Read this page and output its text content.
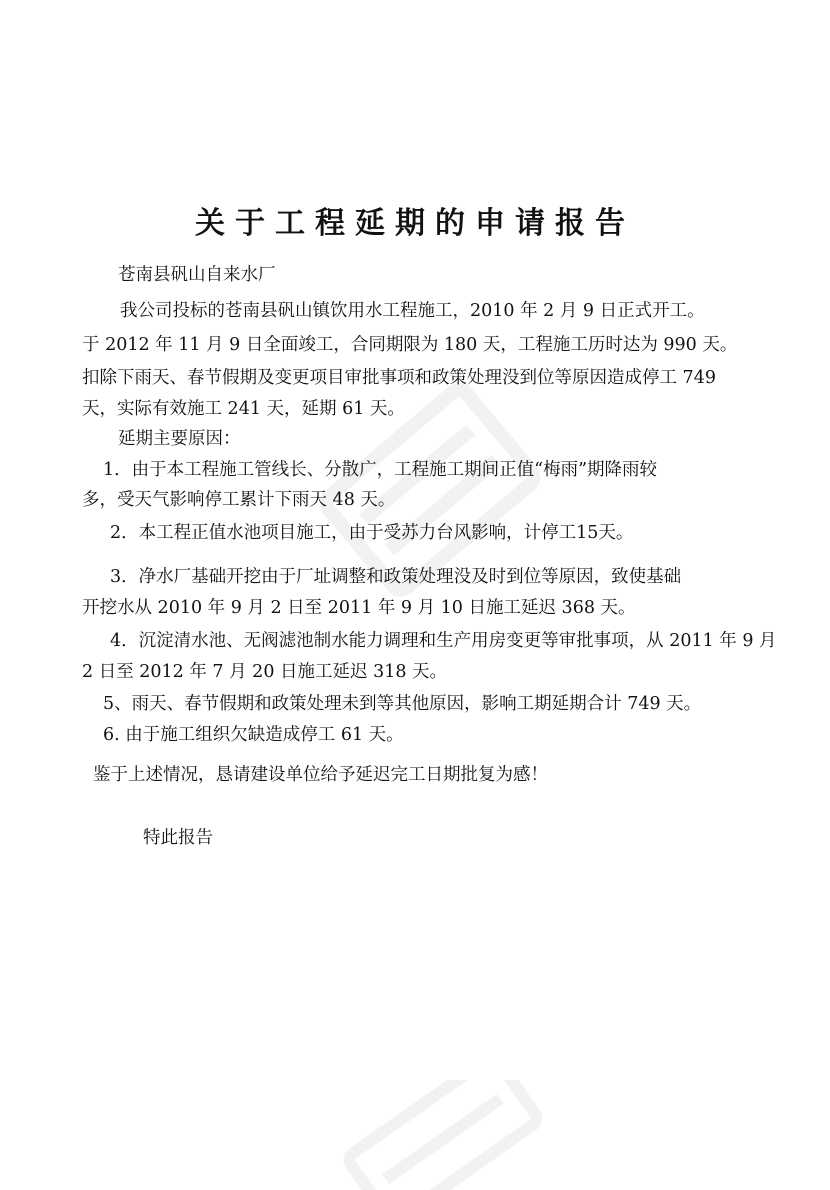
关于工程延期的申请报告
苍南县矾山自来水厂
我公司投标的苍南县矾山镇饮用水工程施工，2010 年 2 月 9 日正式开工。
于 2012 年 11 月 9 日全面竣工，合同期限为 180 天，工程施工历时达为 990 天。
扣除下雨天、春节假期及变更项目审批事项和政策处理没到位等原因造成停工 749
天，实际有效施工 241 天，延期 61 天。
延期主要原因：
1．由于本工程施工管线长、分散广，工程施工期间正值“梅雨”期降雨较
多，受天气影响停工累计下雨天 48 天。
2．本工程正值水池项目施工，由于受苏力台风影响，计停工15天。
3．净水厂基础开挖由于厂址调整和政策处理没及时到位等原因，致使基础
开挖水从 2010 年 9 月 2 日至 2011 年 9 月 10 日施工延迟 368 天。
4．沉淀清水池、无阀滤池制水能力调理和生产用房变更等审批事项，从 2011 年 9 月
2 日至 2012 年 7 月 20 日施工延迟 318 天。
5、雨天、春节假期和政策处理未到等其他原因，影响工期延期合计 749 天。
6. 由于施工组织欠缺造成停工 61 天。
鉴于上述情况，恳请建设单位给予延迟完工日期批复为感！
特此报告
